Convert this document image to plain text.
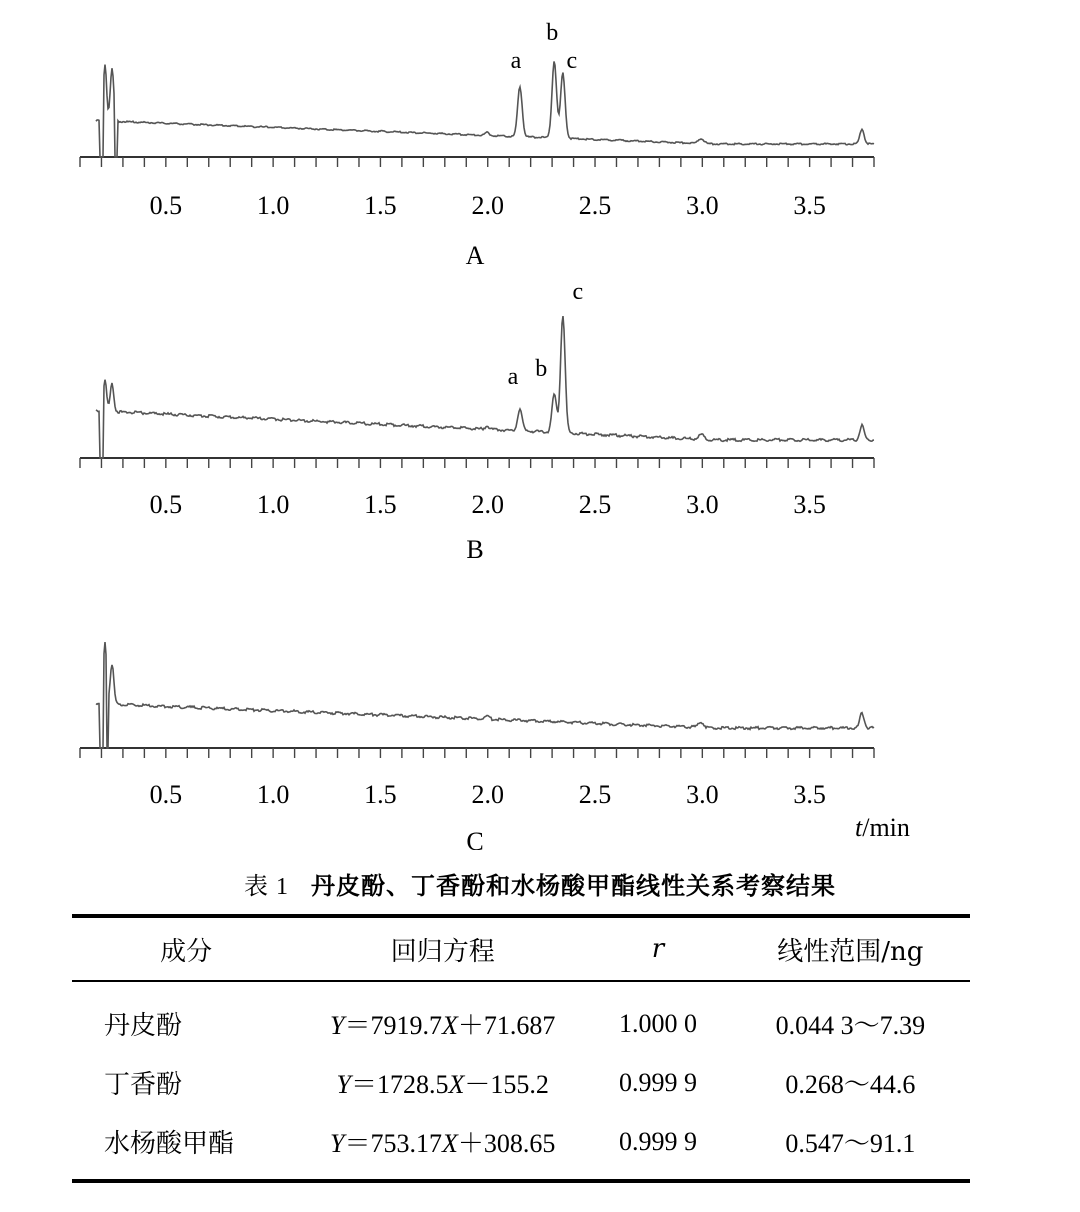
0.5	1.0	1.5	2.0	2.5	3.0	3.5
a
b
c
A
0.5	1.0	1.5	2.0	2.5	3.0	3.5
a b
c
B
0.5	1.0	1.5	2.0	2.5	3.0	3.5
C	t/min
表 1 丹皮酚、丁香酚和水杨酸甲酯线性关系考察结果
成分	回归方程	r	线性范围/ng
丹皮酚	Y＝7919.7X＋71.687	1.000 0	0.044 3～7.39
丁香酚	Y＝1728.5X－155.2	0.999 9	0.268～44.6
水杨酸甲酯	Y＝753.17X＋308.65	0.999 9	0.547～91.1
